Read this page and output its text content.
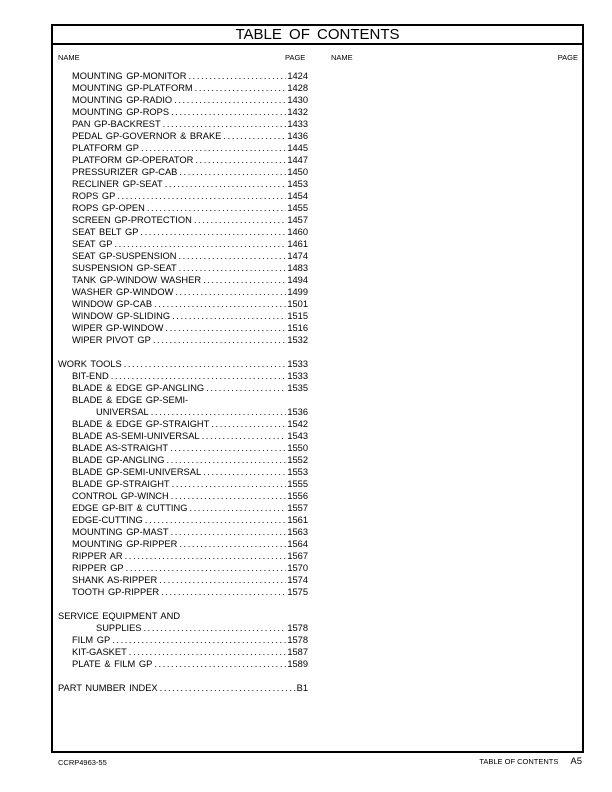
TABLE OF CONTENTS
NAME	PAGE	NAME	PAGE
MOUNTING GP-MONITOR .....	1424
MOUNTING GP-PLATFORM .....	1428
MOUNTING GP-RADIO .....	1430
MOUNTING GP-ROPS .....	1432
PAN GP-BACKREST .....	1433
PEDAL GP-GOVERNOR & BRAKE .....	1436
PLATFORM GP .....	1445
PLATFORM GP-OPERATOR .....	1447
PRESSURIZER GP-CAB .....	1450
RECLINER GP-SEAT .....	1453
ROPS GP .....	1454
ROPS GP-OPEN .....	1455
SCREEN GP-PROTECTION .....	1457
SEAT BELT GP .....	1460
SEAT GP .....	1461
SEAT GP-SUSPENSION .....	1474
SUSPENSION GP-SEAT .....	1483
TANK GP-WINDOW WASHER .....	1494
WASHER GP-WINDOW .....	1499
WINDOW GP-CAB .....	1501
WINDOW GP-SLIDING .....	1515
WIPER GP-WINDOW .....	1516
WIPER PIVOT GP .....	1532
WORK TOOLS .....	1533
BIT-END .....	1533
BLADE & EDGE GP-ANGLING .....	1535
BLADE & EDGE GP-SEMI-
UNIVERSAL .....	1536
BLADE & EDGE GP-STRAIGHT .....	1542
BLADE AS-SEMI-UNIVERSAL .....	1543
BLADE AS-STRAIGHT .....	1550
BLADE GP-ANGLING .....	1552
BLADE GP-SEMI-UNIVERSAL .....	1553
BLADE GP-STRAIGHT .....	1555
CONTROL GP-WINCH .....	1556
EDGE GP-BIT & CUTTING .....	1557
EDGE-CUTTING .....	1561
MOUNTING GP-MAST .....	1563
MOUNTING GP-RIPPER .....	1564
RIPPER AR .....	1567
RIPPER GP .....	1570
SHANK AS-RIPPER .....	1574
TOOTH GP-RIPPER .....	1575
SERVICE EQUIPMENT AND
SUPPLIES .....	1578
FILM GP .....	1578
KIT-GASKET .....	1587
PLATE & FILM GP .....	1589
PART NUMBER INDEX .....	B1
CCRP4963-55	TABLE OF CONTENTS A5
